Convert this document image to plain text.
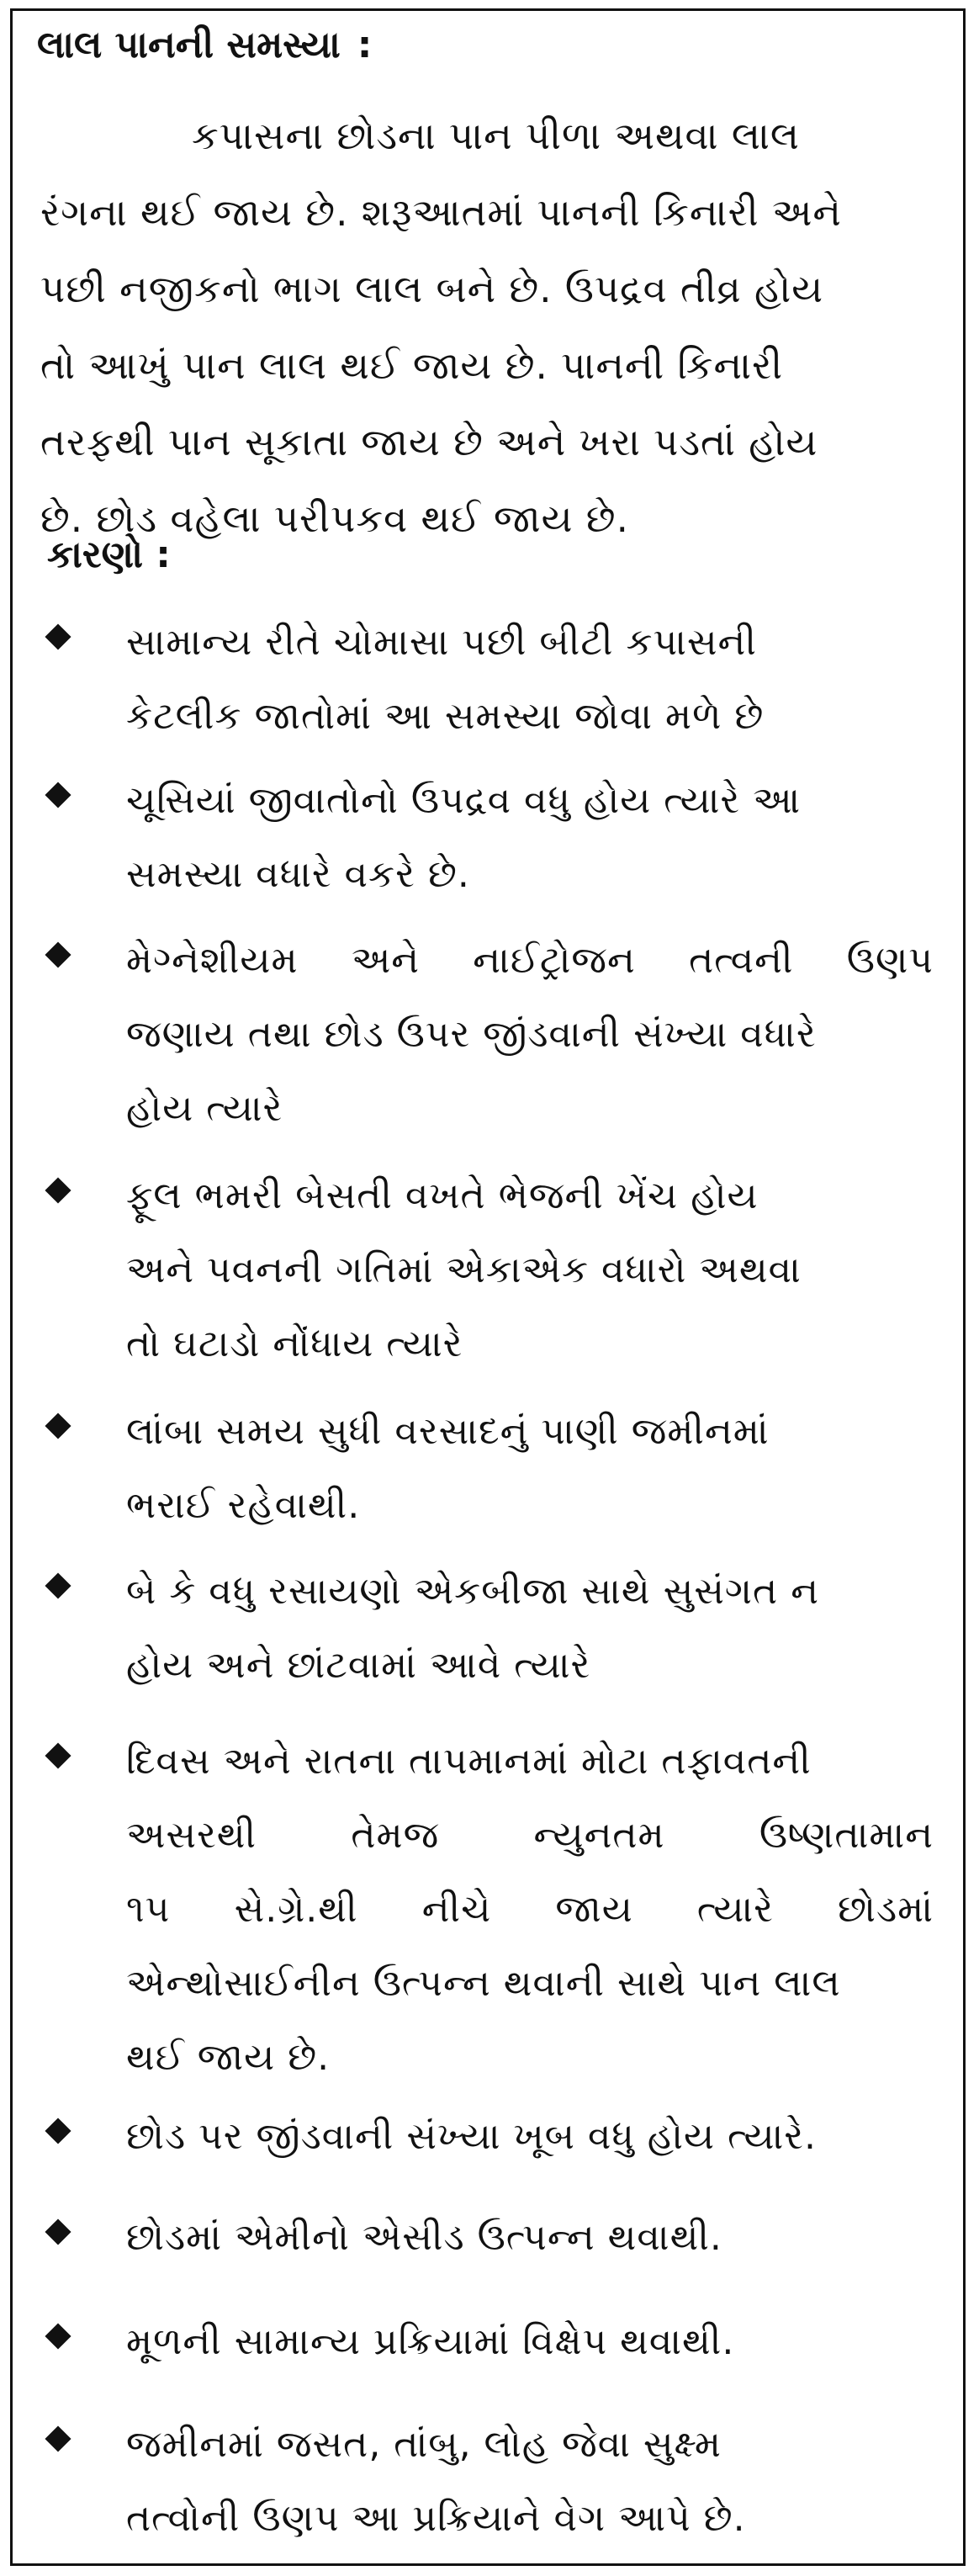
લાલ પાનની સમસ્યા :
કપાસના છોડના પાન પીળા અથવા લાલ
રંગના થઈ જાય છે. શરૂઆતમાં પાનની કિનારી અને
પછી નજીકનો ભાગ લાલ બને છે. ઉપદ્રવ તીવ્ર હોય
તો આખું પાન લાલ થઈ જાય છે. પાનની કિનારી
તરફથી પાન સૂકાતા જાય છે અને ખરા પડતાં હોય
છે. છોડ વહેલા પરીપકવ થઈ જાય છે.
કારણો :
સામાન્ય રીતે ચોમાસા પછી બીટી કપાસની
કેટલીક જાતોમાં આ સમસ્યા જોવા મળે છે
ચૂસિયાં જીવાતોનો ઉપદ્રવ વધુ હોય ત્યારે આ
સમસ્યા વધારે વકરે છે.
મેગ્નેશીયમ અને નાઈટ્રોજન તત્વની ઉણપ
જણાય તથા છોડ ઉપર જીંડવાની સંખ્યા વધારે
હોય ત્યારે
ફૂલ ભમરી બેસતી વખતે ભેજની ખેંચ હોય
અને પવનની ગતિમાં એકાએક વધારો અથવા
તો ઘટાડો નોંધાય ત્યારે
લાંબા સમય સુધી વરસાદનું પાણી જમીનમાં
ભરાઈ રહેવાથી.
બે કે વધુ રસાયણો એકબીજા સાથે સુસંગત ન
હોય અને છાંટવામાં આવે ત્યારે
દિવસ અને રાતના તાપમાનમાં મોટા તફાવતની
અસરથી	તેમજ	ન્યુનતમ	ઉષ્ણતામાન
૧૫ સે.ગ્રે.થી નીચે જાય ત્યારે છોડમાં
એન્થોસાઈનીન ઉત્પન્ન થવાની સાથે પાન લાલ
થઈ જાય છે.
છોડ પર જીંડવાની સંખ્યા ખૂબ વધુ હોય ત્યારે.
છોડમાં એમીનો એસીડ ઉત્પન્ન થવાથી.
મૂળની સામાન્ય પ્રક્રિયામાં વિક્ષેપ થવાથી.
જમીનમાં જસત, તાંબુ, લોહ જેવા સુક્ષ્મ
તત્વોની ઉણપ આ પ્રક્રિયાને વેગ આપે છે.
